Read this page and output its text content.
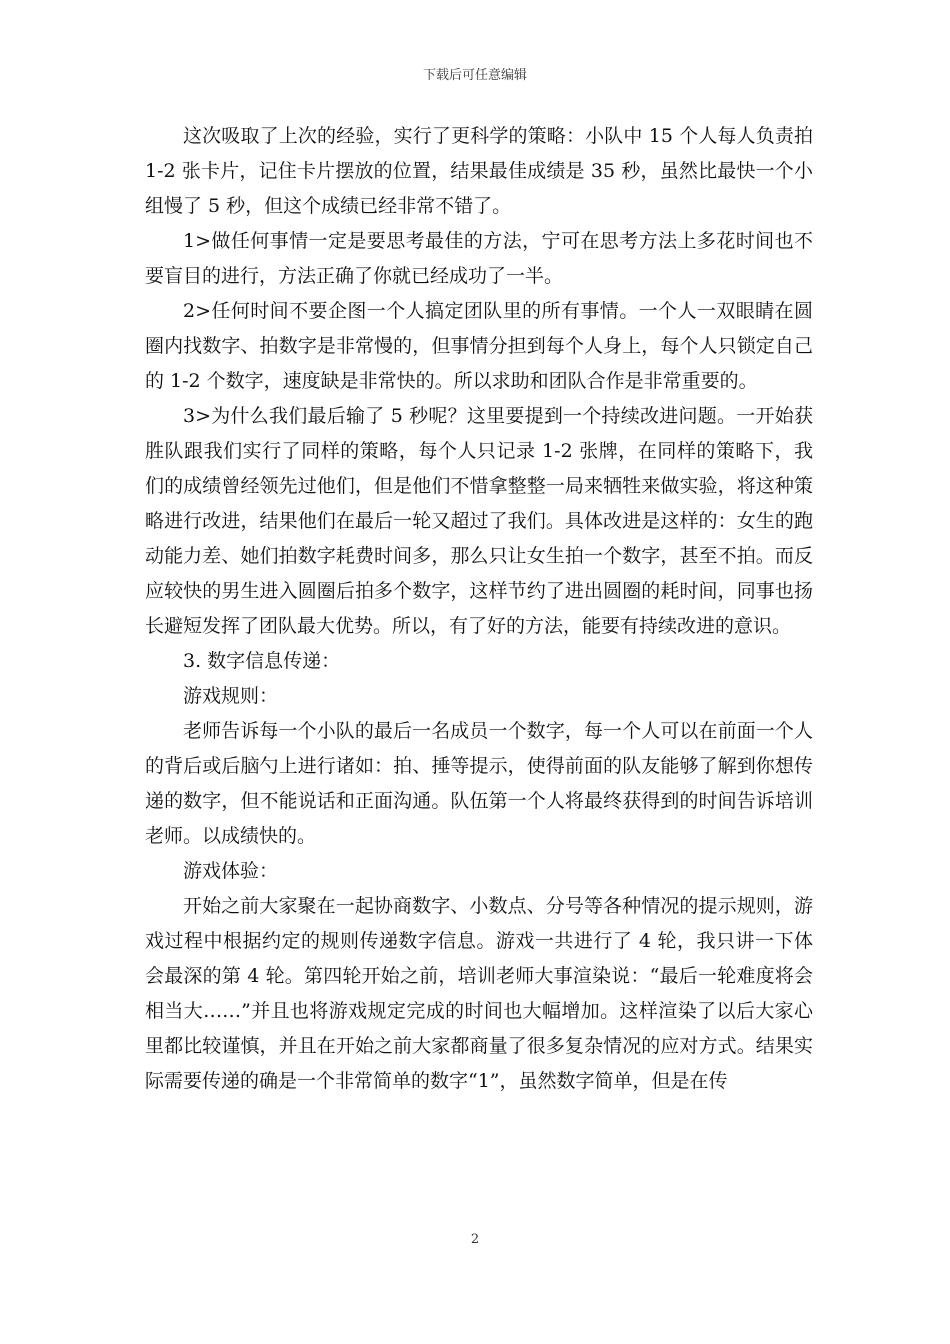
下载后可任意编辑

这次吸取了上次的经验，实行了更科学的策略：小队中 15 个人每人负责拍 1-2 张卡片，记住卡片摆放的位置，结果最佳成绩是 35 秒，虽然比最快一个小组慢了 5 秒，但这个成绩已经非常不错了。

1>做任何事情一定是要思考最佳的方法，宁可在思考方法上多花时间也不要盲目的进行，方法正确了你就已经成功了一半。

2>任何时间不要企图一个人搞定团队里的所有事情。一个人一双眼睛在圆圈内找数字、拍数字是非常慢的，但事情分担到每个人身上，每个人只锁定自己的 1-2 个数字，速度缺是非常快的。所以求助和团队合作是非常重要的。

3>为什么我们最后输了 5 秒呢？这里要提到一个持续改进问题。一开始获胜队跟我们实行了同样的策略，每个人只记录 1-2 张牌，在同样的策略下，我们的成绩曾经领先过他们，但是他们不惜拿整整一局来牺牲来做实验，将这种策略进行改进，结果他们在最后一轮又超过了我们。具体改进是这样的：女生的跑动能力差、她们拍数字耗费时间多，那么只让女生拍一个数字，甚至不拍。而反应较快的男生进入圆圈后拍多个数字，这样节约了进出圆圈的耗时间，同事也扬长避短发挥了团队最大优势。所以，有了好的方法，能要有持续改进的意识。

3. 数字信息传递：

游戏规则：

老师告诉每一个小队的最后一名成员一个数字，每一个人可以在前面一个人的背后或后脑勺上进行诸如：拍、捶等提示，使得前面的队友能够了解到你想传递的数字，但不能说话和正面沟通。队伍第一个人将最终获得到的时间告诉培训老师。以成绩快的。

游戏体验：

开始之前大家聚在一起协商数字、小数点、分号等各种情况的提示规则，游戏过程中根据约定的规则传递数字信息。游戏一共进行了 4 轮，我只讲一下体会最深的第 4 轮。第四轮开始之前，培训老师大事渲染说：“最后一轮难度将会相当大……”并且也将游戏规定完成的时间也大幅增加。这样渲染了以后大家心里都比较谨慎，并且在开始之前大家都商量了很多复杂情况的应对方式。结果实际需要传递的确是一个非常简单的数字“1”，虽然数字简单，但是在传

2
